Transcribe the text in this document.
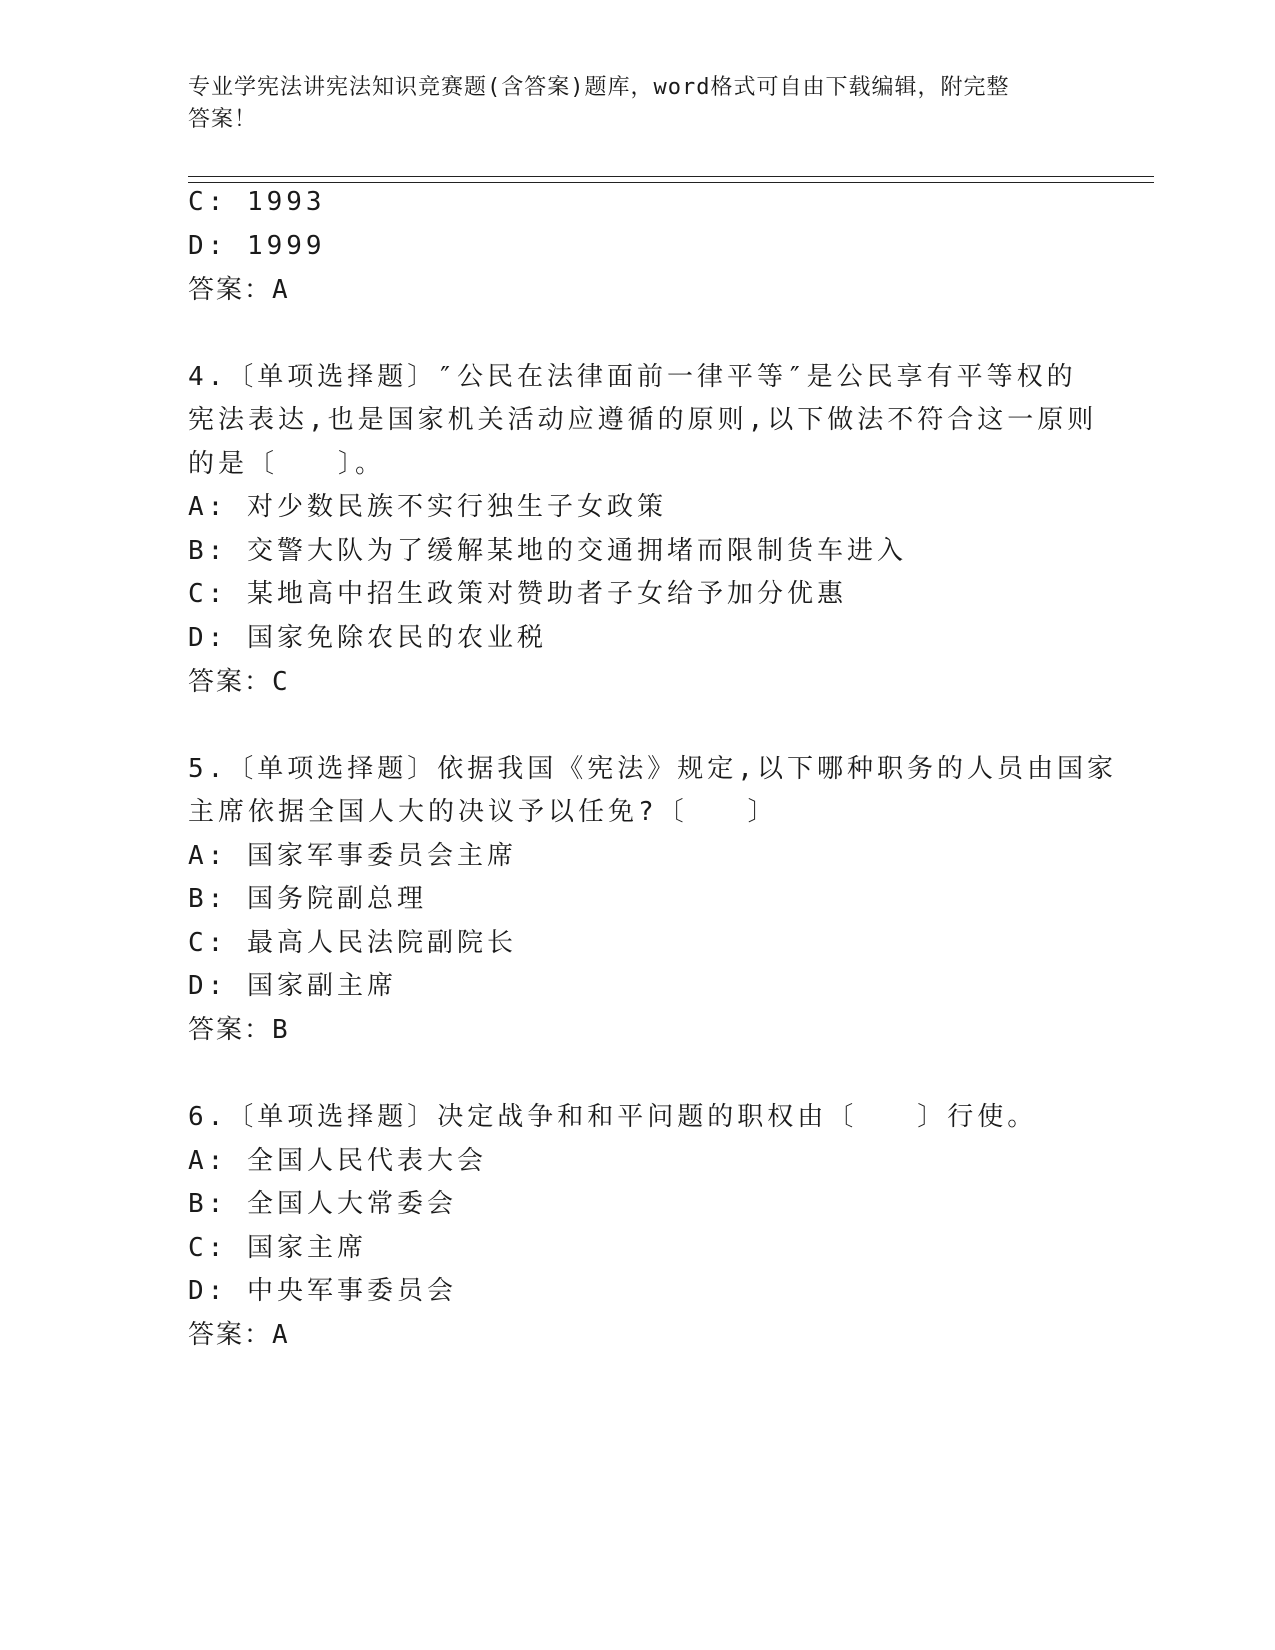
专业学宪法讲宪法知识竞赛题(含答案)题库，word格式可自由下载编辑，附完整
答案！
C: 1993
D: 1999
答案：A
4.〔单项选择题〕″公民在法律面前一律平等″是公民享有平等权的
宪法表达,也是国家机关活动应遵循的原则,以下做法不符合这一原则
的是〔　　〕。
A: 对少数民族不实行独生子女政策
B: 交警大队为了缓解某地的交通拥堵而限制货车进入
C: 某地高中招生政策对赞助者子女给予加分优惠
D: 国家免除农民的农业税
答案：C
5.〔单项选择题〕依据我国《宪法》规定,以下哪种职务的人员由国家
主席依据全国人大的决议予以任免?〔　　〕
A: 国家军事委员会主席
B: 国务院副总理
C: 最高人民法院副院长
D: 国家副主席
答案：B
6.〔单项选择题〕决定战争和和平问题的职权由〔　　〕行使。
A: 全国人民代表大会
B: 全国人大常委会
C: 国家主席
D: 中央军事委员会
答案：A
